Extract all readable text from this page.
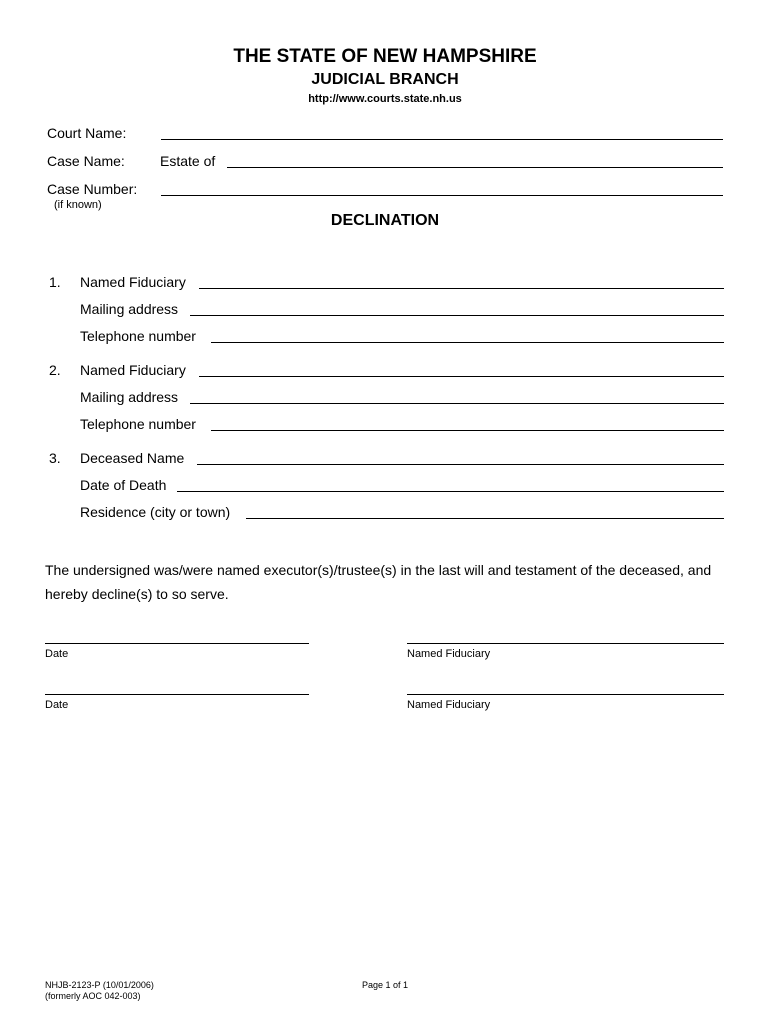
THE STATE OF NEW HAMPSHIRE
JUDICIAL BRANCH
http://www.courts.state.nh.us
Court Name:
Case Name:	Estate of
Case Number:
(if known)
DECLINATION
1. Named Fiduciary
Mailing address
Telephone number
2. Named Fiduciary
Mailing address
Telephone number
3. Deceased Name
Date of Death
Residence (city or town)
The undersigned was/were named executor(s)/trustee(s) in the last will and testament of the deceased, and hereby decline(s) to so serve.
Date	Named Fiduciary
Date	Named Fiduciary
NHJB-2123-P (10/01/2006)
(formerly AOC 042-003)
Page 1 of 1
